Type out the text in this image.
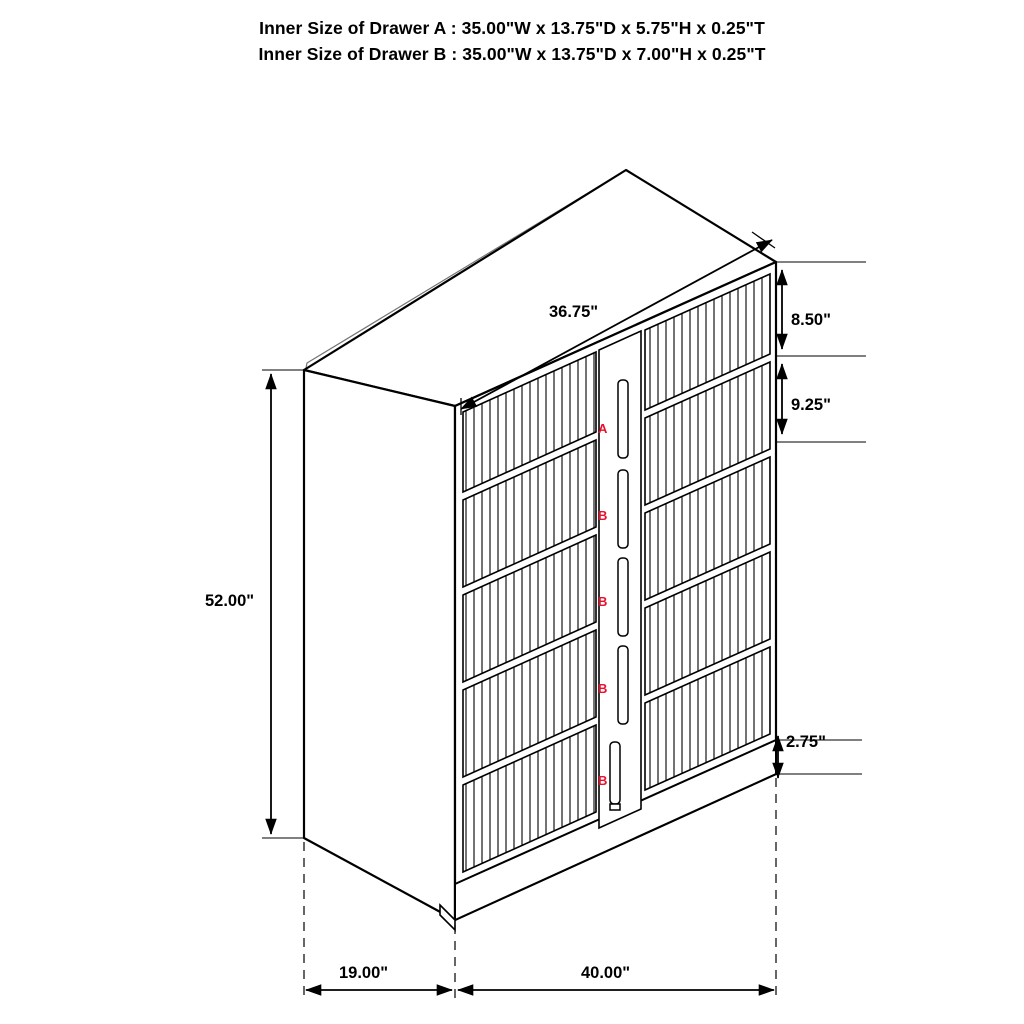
Inner Size of Drawer A : 35.00"W x 13.75"D x 5.75"H x 0.25"T
Inner Size of Drawer B : 35.00"W x 13.75"D x 7.00"H x 0.25"T
36.75"	8.50"
9.25"
2.75"
52.00"
19.00"	40.00"
A
B
B
B
B
